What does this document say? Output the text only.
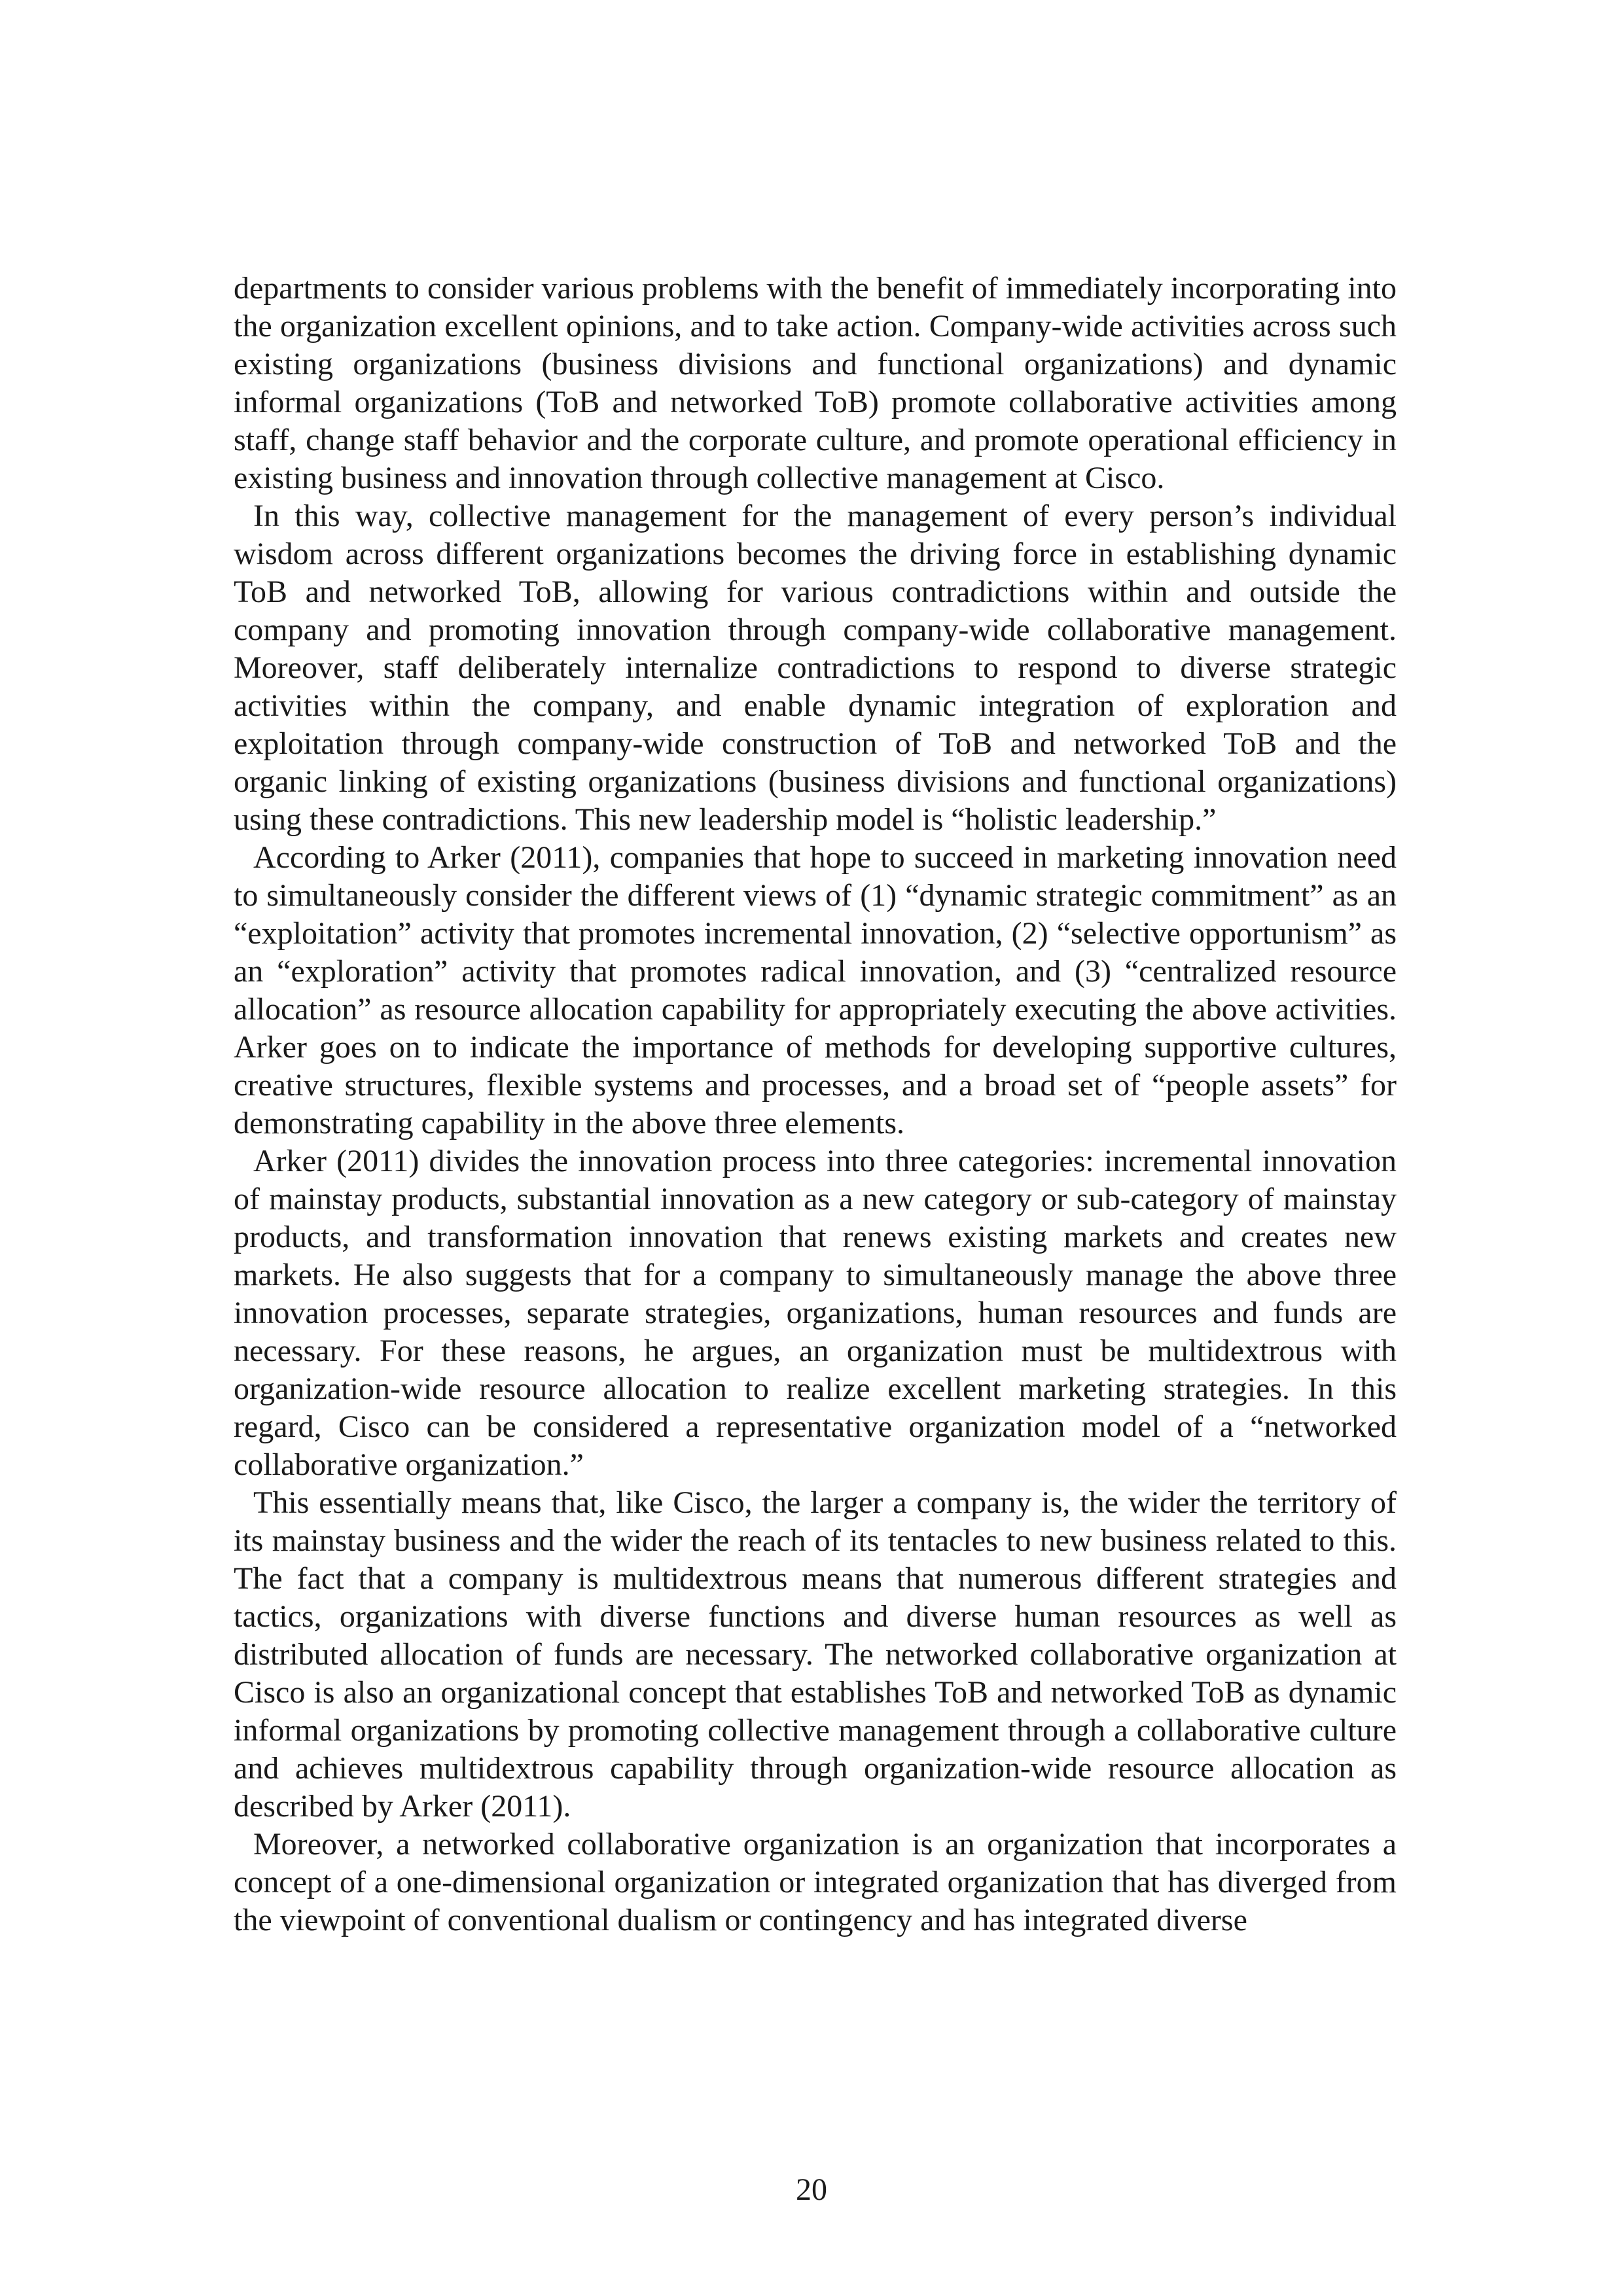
departments to consider various problems with the benefit of immediately incorporating into the organization excellent opinions, and to take action. Company-wide activities across such existing organizations (business divisions and functional organizations) and dynamic informal organizations (ToB and networked ToB) promote collaborative activities among staff, change staff behavior and the corporate culture, and promote operational efficiency in existing business and innovation through collective management at Cisco.

In this way, collective management for the management of every person’s individual wisdom across different organizations becomes the driving force in establishing dynamic ToB and networked ToB, allowing for various contradictions within and outside the company and promoting innovation through company-wide collaborative management. Moreover, staff deliberately internalize contradictions to respond to diverse strategic activities within the company, and enable dynamic integration of exploration and exploitation through company-wide construction of ToB and networked ToB and the organic linking of existing organizations (business divisions and functional organizations) using these contradictions. This new leadership model is “holistic leadership.”

According to Arker (2011), companies that hope to succeed in marketing innovation need to simultaneously consider the different views of (1) “dynamic strategic commitment” as an “exploitation” activity that promotes incremental innovation, (2) “selective opportunism” as an “exploration” activity that promotes radical innovation, and (3) “centralized resource allocation” as resource allocation capability for appropriately executing the above activities. Arker goes on to indicate the importance of methods for developing supportive cultures, creative structures, flexible systems and processes, and a broad set of “people assets” for demonstrating capability in the above three elements.

Arker (2011) divides the innovation process into three categories: incremental innovation of mainstay products, substantial innovation as a new category or sub-category of mainstay products, and transformation innovation that renews existing markets and creates new markets. He also suggests that for a company to simultaneously manage the above three innovation processes, separate strategies, organizations, human resources and funds are necessary. For these reasons, he argues, an organization must be multidextrous with organization-wide resource allocation to realize excellent marketing strategies. In this regard, Cisco can be considered a representative organization model of a “networked collaborative organization.”

This essentially means that, like Cisco, the larger a company is, the wider the territory of its mainstay business and the wider the reach of its tentacles to new business related to this. The fact that a company is multidextrous means that numerous different strategies and tactics, organizations with diverse functions and diverse human resources as well as distributed allocation of funds are necessary. The networked collaborative organization at Cisco is also an organizational concept that establishes ToB and networked ToB as dynamic informal organizations by promoting collective management through a collaborative culture and achieves multidextrous capability through organization-wide resource allocation as described by Arker (2011).

Moreover, a networked collaborative organization is an organization that incorporates a concept of a one-dimensional organization or integrated organization that has diverged from the viewpoint of conventional dualism or contingency and has integrated diverse

20
